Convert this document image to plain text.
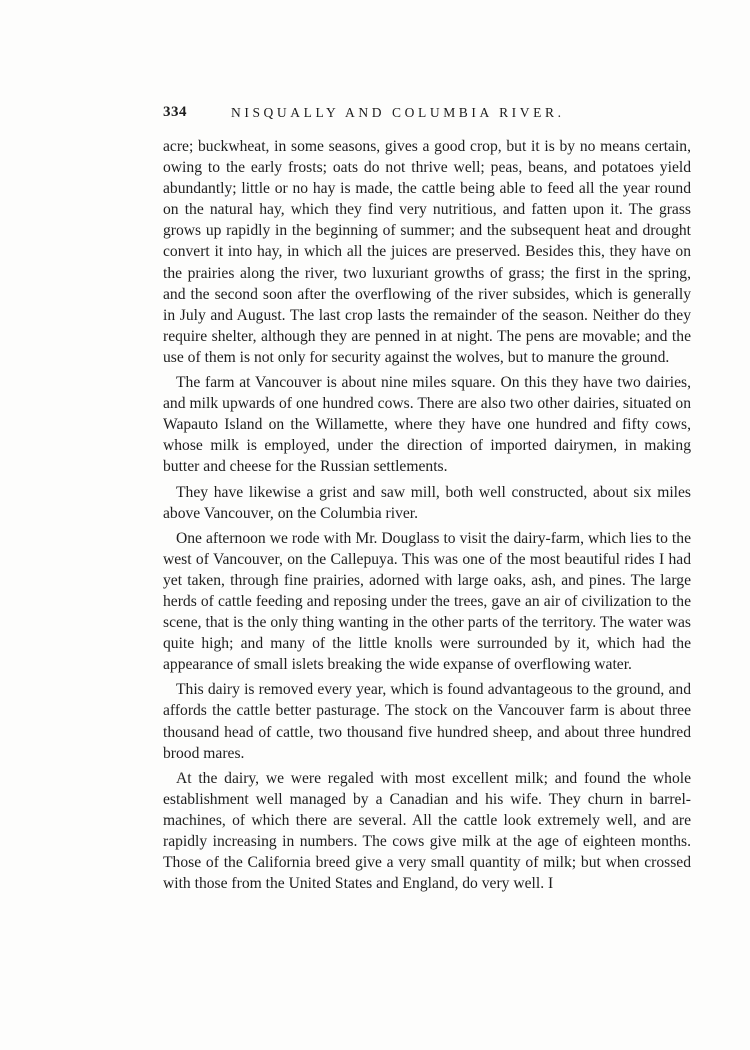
334	NISQUALLY AND COLUMBIA RIVER.

acre; buckwheat, in some seasons, gives a good crop, but it is by no means certain, owing to the early frosts; oats do not thrive well; peas, beans, and potatoes yield abundantly; little or no hay is made, the cattle being able to feed all the year round on the natural hay, which they find very nutritious, and fatten upon it. The grass grows up rapidly in the beginning of summer; and the subsequent heat and drought convert it into hay, in which all the juices are preserved. Besides this, they have on the prairies along the river, two luxuriant growths of grass; the first in the spring, and the second soon after the overflowing of the river subsides, which is generally in July and August. The last crop lasts the remainder of the season. Neither do they require shelter, although they are penned in at night. The pens are movable; and the use of them is not only for security against the wolves, but to manure the ground.

The farm at Vancouver is about nine miles square. On this they have two dairies, and milk upwards of one hundred cows. There are also two other dairies, situated on Wapauto Island on the Willamette, where they have one hundred and fifty cows, whose milk is employed, under the direction of imported dairymen, in making butter and cheese for the Russian settlements.

They have likewise a grist and saw mill, both well constructed, about six miles above Vancouver, on the Columbia river.

One afternoon we rode with Mr. Douglass to visit the dairy-farm, which lies to the west of Vancouver, on the Callepuya. This was one of the most beautiful rides I had yet taken, through fine prairies, adorned with large oaks, ash, and pines. The large herds of cattle feeding and reposing under the trees, gave an air of civilization to the scene, that is the only thing wanting in the other parts of the territory. The water was quite high; and many of the little knolls were surrounded by it, which had the appearance of small islets breaking the wide expanse of overflowing water.

This dairy is removed every year, which is found advantageous to the ground, and affords the cattle better pasturage. The stock on the Vancouver farm is about three thousand head of cattle, two thousand five hundred sheep, and about three hundred brood mares.

At the dairy, we were regaled with most excellent milk; and found the whole establishment well managed by a Canadian and his wife. They churn in barrel-machines, of which there are several. All the cattle look extremely well, and are rapidly increasing in numbers. The cows give milk at the age of eighteen months. Those of the California breed give a very small quantity of milk; but when crossed with those from the United States and England, do very well. I
